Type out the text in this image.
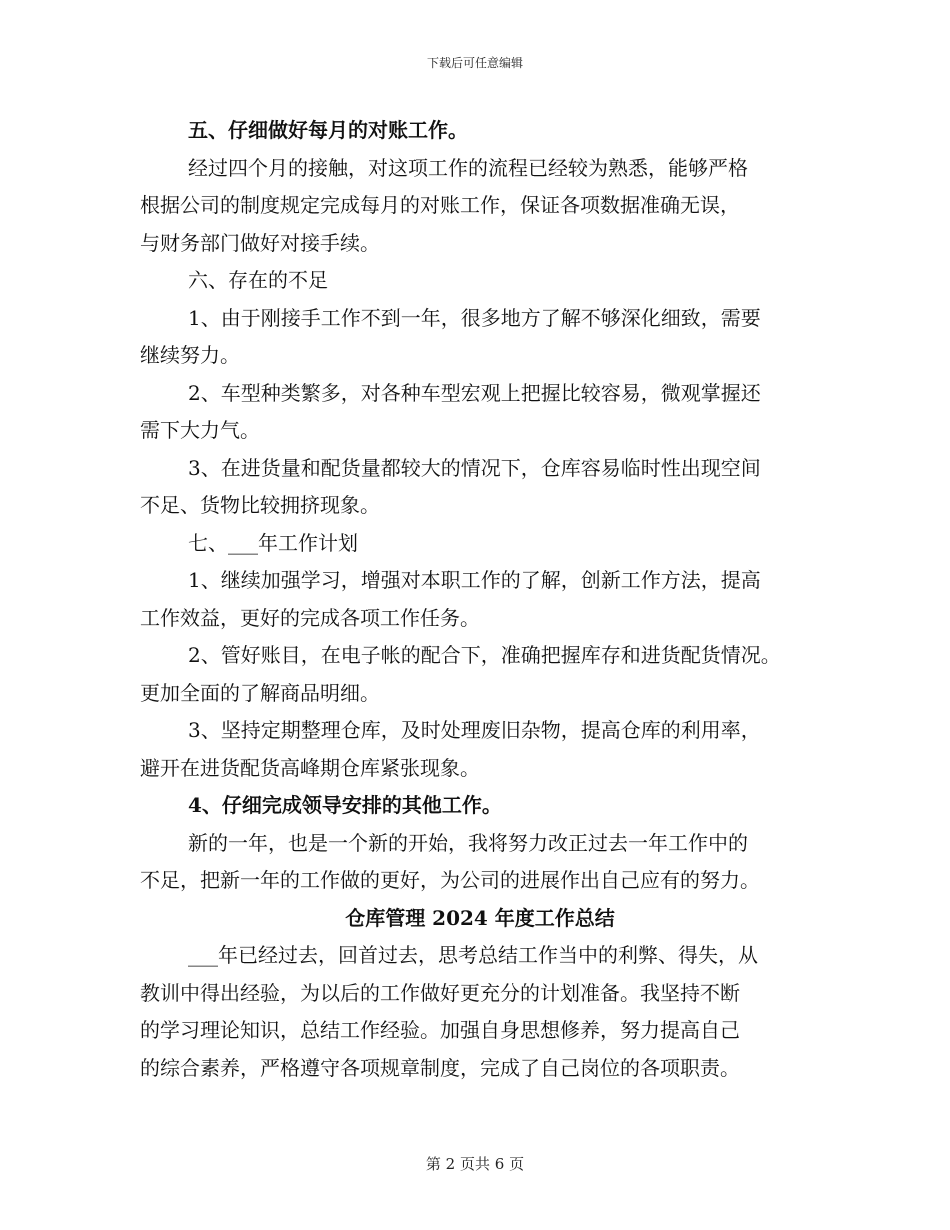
下载后可任意编辑

五、仔细做好每月的对账工作。

经过四个月的接触，对这项工作的流程已经较为熟悉，能够严格
根据公司的制度规定完成每月的对账工作，保证各项数据准确无误，
与财务部门做好对接手续。

六、存在的不足

1、由于刚接手工作不到一年，很多地方了解不够深化细致，需要
继续努力。

2、车型种类繁多，对各种车型宏观上把握比较容易，微观掌握还
需下大力气。

3、在进货量和配货量都较大的情况下，仓库容易临时性出现空间
不足、货物比较拥挤现象。

七、___年工作计划

1、继续加强学习，增强对本职工作的了解，创新工作方法，提高
工作效益，更好的完成各项工作任务。

2、管好账目，在电子帐的配合下，准确把握库存和进货配货情况。
更加全面的了解商品明细。

3、坚持定期整理仓库，及时处理废旧杂物，提高仓库的利用率，
避开在进货配货高峰期仓库紧张现象。

4、仔细完成领导安排的其他工作。

新的一年，也是一个新的开始，我将努力改正过去一年工作中的
不足，把新一年的工作做的更好，为公司的进展作出自己应有的努力。

仓库管理 2024 年度工作总结

___年已经过去，回首过去，思考总结工作当中的利弊、得失，从
教训中得出经验，为以后的工作做好更充分的计划准备。我坚持不断
的学习理论知识，总结工作经验。加强自身思想修养，努力提高自己
的综合素养，严格遵守各项规章制度，完成了自己岗位的各项职责。

第 2 页共 6 页
